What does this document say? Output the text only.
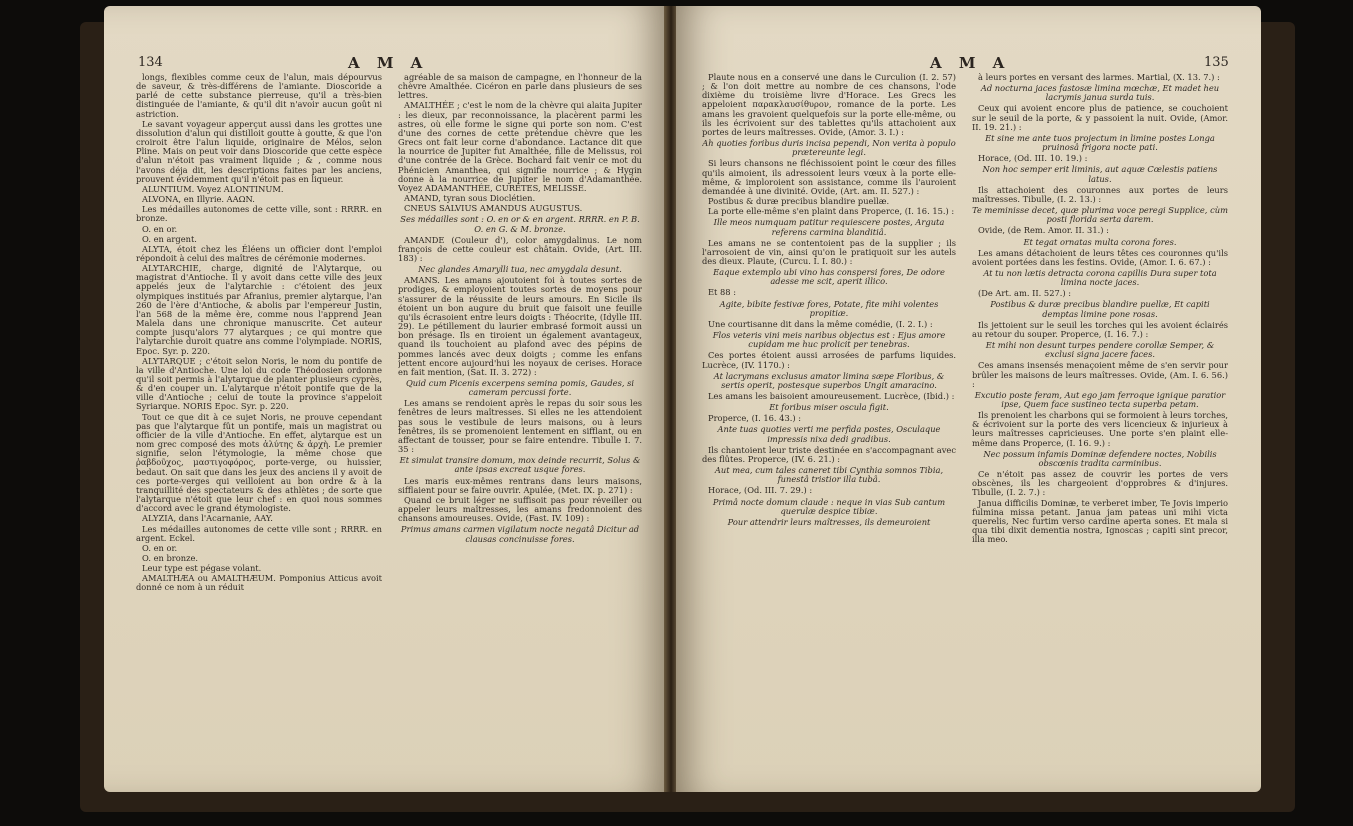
134	A M A

longs, flexibles comme ceux de l'alun, mais dépourvus de saveur, & très-différens de l'amiante. Dioscoride a parlé de cette substance pierreuse, qu'il a très-bien distinguée de l'amiante, & qu'il dit n'avoir aucun goût ni astriction.

Le savant voyageur apperçut aussi dans les grottes une dissolution d'alun qui distilloit goutte à goutte, & que l'on croiroit être l'alun liquide, originaire de Mélos, selon Pline. Mais on peut voir dans Dioscoride que cette espèce d'alun n'étoit pas vraiment liquide ; & , comme nous l'avons déja dit, les descriptions faites par les anciens, prouvent évidemment qu'il n'étoit pas en liqueur.

ALUNTIUM. Voyez ALONTINUM.

ALVONA, en Illyrie. AAΩN.

Les médailles autonomes de cette ville, sont : RRRR. en bronze.

O. en or.

O. en argent.

ALYTA, étoit chez les Éléens un officier dont l'emploi répondoit à celui des maîtres de cérémonie modernes.

ALYTARCHIE, charge, dignité de l'Alytarque, ou magistrat d'Antioche. Il y avoit dans cette ville des jeux appelés jeux de l'alytarchie : c'étoient des jeux olympiques institués par Afranius, premier alytarque, l'an 260 de l'ère d'Antioche, & abolis par l'empereur Justin, l'an 568 de la même ère, comme nous l'apprend Jean Malela dans une chronique manuscrite. Cet auteur compte jusqu'alors 77 alytarques ; ce qui montre que l'alytarchie duroit quatre ans comme l'olympiade. NORIS, Epoc. Syr. p. 220.

ALYTARQUE ; c'étoit selon Noris, le nom du pontife de la ville d'Antioche. Une loi du code Théodosien ordonne qu'il soit permis à l'alytarque de planter plusieurs cyprès, & d'en couper un. L'alytarque n'étoit pontife que de la ville d'Antioche ; celui de toute la province s'appeloit Syriarque. NORIS Epoc. Syr. p. 220.

Tout ce que dit à ce sujet Noris, ne prouve cependant pas que l'alytarque fût un pontife, mais un magistrat ou officier de la ville d'Antioche. En effet, alytarque est un nom grec composé des mots ἀλύτης & ἀρχὴ. Le premier signifie, selon l'étymologie, la même chose que ῥαβδοῦχος, μαστιγοφόρος, porte-verge, ou huissier, bedaut. On sait que dans les jeux des anciens il y avoit de ces porte-verges qui veilloient au bon ordre & à la tranquillité des spectateurs & des athlètes ; de sorte que l'alytarque n'étoit que leur chef : en quoi nous sommes d'accord avec le grand étymologiste.

ALYZIA, dans l'Acarnanie, AAY.

Les médailles autonomes de cette ville sont ; RRRR. en argent. Eckel.

O. en or.

O. en bronze.

Leur type est pégase volant.

AMALTHÆA ou AMALTHÆUM. Pomponius Atticus avoit donné ce nom à un réduit

agréable de sa maison de campagne, en l'honneur de la chèvre Amalthée. Cicéron en parle dans plusieurs de ses lettres.

AMALTHÉE ; c'est le nom de la chèvre qui alaita Jupiter : les dieux, par reconnoissance, la placèrent parmi les astres, où elle forme le signe qui porte son nom. C'est d'une des cornes de cette prétendue chèvre que les Grecs ont fait leur corne d'abondance. Lactance dit que la nourrice de Jupiter fut Amalthée, fille de Melissus, roi d'une contrée de la Grèce. Bochard fait venir ce mot du Phénicien Amanthea, qui signifie nourrice ; & Hygin donne à la nourrice de Jupiter le nom d'Adamanthée. Voyez ADAMANTHÉE, CURÈTES, MELISSE.

AMAND, tyran sous Dioclétien.

CNEUS SALVIUS AMANDUS AUGUSTUS.

Ses médailles sont : O. en or & en argent. RRRR. en P. B. O. en G. & M. bronze.

AMANDE (Couleur d'), color amygdalinus. Le nom françois de cette couleur est châtain. Ovide, (Art. III. 183) :

Nec glandes Amarylli tua, nec amygdala desunt.

AMANS. Les amans ajoutoient foi à toutes sortes de prodiges, & employoient toutes sortes de moyens pour s'assurer de la réussite de leurs amours. En Sicile ils étoient un bon augure du bruit que faisoit une feuille qu'ils écrasoient entre leurs doigts : Théocrite, (Idylle III. 29). Le pétillement du laurier embrasé formoit aussi un bon présage. Ils en tiroient un également avantageux, quand ils touchoient au plafond avec des pépins de pommes lancés avec deux doigts ; comme les enfans jettent encore aujourd'hui les noyaux de cerises. Horace en fait mention, (Sat. II. 3. 272) :

Quid cum Picenis excerpens semina pomis, Gaudes, si cameram percussi forte.

Les amans se rendoient après le repas du soir sous les fenêtres de leurs maîtresses. Si elles ne les attendoient pas sous le vestibule de leurs maisons, ou à leurs fenêtres, ils se promenoient lentement en sifflant, ou en affectant de tousser, pour se faire entendre. Tibulle I. 7. 35 :

Et simulat transire domum, mox deinde recurrit, Solus & ante ipsas excreat usque fores.

Les maris eux-mêmes rentrans dans leurs maisons, sifflaient pour se faire ouvrir. Apulée, (Met. IX. p. 271) :

Quand ce bruit léger ne suffisoit pas pour réveiller ou appeler leurs maîtresses, les amans fredonnoient des chansons amoureuses. Ovide, (Fast. IV. 109) :

Primus amans carmen vigilatum nocte negatâ Dicitur ad clausas concinuisse fores.

A M A	135

Plaute nous en a conservé une dans le Curculion (I. 2. 57) ; & l'on doit mettre au nombre de ces chansons, l'ode dixième du troisième livre d'Horace. Les Grecs les appeloient παρακλαυσίθυρον, romance de la porte. Les amans les gravoient quelquefois sur la porte elle-même, ou ils les écrivoient sur des tablettes qu'ils attachoient aux portes de leurs maîtresses. Ovide, (Amor. 3. I.) :

Ah quoties foribus duris incisa pependi, Non verita à populo prætereunte legi.

Si leurs chansons ne fléchissoient point le cœur des filles qu'ils aimoient, ils adressoient leurs vœux à la porte elle-même, & imploroient son assistance, comme ils l'auroient demandée à une divinité. Ovide, (Art. am. II. 527.) :

Postibus & duræ precibus blandire puellæ.

La porte elle-même s'en plaint dans Properce, (I. 16. 15.) :

Ille meos numquam patitur requiescere postes, Arguta referens carmina blanditiâ.

Les amans ne se contentoient pas de la supplier ; ils l'arrosoient de vin, ainsi qu'on le pratiquoit sur les autels des dieux. Plaute, (Curcu. I. I. 80.) :

Eaque extemplo ubi vino has conspersi fores, De odore adesse me scit, aperit illico.

Et 88 :

Agite, bibite festivæ fores, Potate, fite mihi volentes propitiæ.

Une courtisanne dit dans la même comédie, (I. 2. I.) :

Flos veteris vini meis naribus objectus est : Ejus amore cupidam me huc prolicit per tenebras.

Ces portes étoient aussi arrosées de parfums liquides. Lucrèce, (IV. 1170.) :

At lacrymans exclusus amator limina sæpe Floribus, & sertis operit, postesque superbos Ungit amaracino.

Les amans les baisoient amoureusement. Lucrèce, (Ibid.) :

Et foribus miser oscula figit.

Properce, (I. 16. 43.) :

Ante tuas quoties verti me perfida postes, Osculaque impressis nixa dedi gradibus.

Ils chantoient leur triste destinée en s'accompagnant avec des flûtes. Properce, (IV. 6. 21.) :

Aut mea, cum tales caneret tibi Cynthia somnos Tibia, funestâ tristior illa tubâ.

Horace, (Od. III. 7. 29.) :

Primâ nocte domum claude : neque in vias Sub cantum querulæ despice tibiæ.

Pour attendrir leurs maîtresses, ils demeuroient

à leurs portes en versant des larmes. Martial, (X. 13. 7.) :

Ad nocturna jaces fastosæ limina mœchæ, Et madet heu lacrymis janua surda tuis.

Ceux qui avoient encore plus de patience, se couchoient sur le seuil de la porte, & y passoient la nuit. Ovide, (Amor. II. 19. 21.) :

Et sine me ante tuos projectum in limine postes Longa pruinosâ frigora nocte pati.

Horace, (Od. III. 10. 19.) :

Non hoc semper erit liminis, aut aquæ Cœlestis patiens latus.

Ils attachoient des couronnes aux portes de leurs maîtresses. Tibulle, (I. 2. 13.) :

Te meminisse decet, quæ plurima voce peregi Supplice, cùm posti florida serta darem.

Ovide, (de Rem. Amor. II. 31.) :

Et tegat ornatas multa corona fores.

Les amans détachoient de leurs têtes ces couronnes qu'ils avoient portées dans les festins. Ovide, (Amor. I. 6. 67.) :

At tu non lætis detracta corona capillis Dura super tota limina nocte jaces.

(De Art. am. II. 527.) :

Postibus & duræ precibus blandire puellæ, Et capiti demptas limine pone rosas.

Ils jettoient sur le seuil les torches qui les avoient éclairés au retour du souper. Properce, (I. 16. 7.) :

Et mihi non desunt turpes pendere corollæ Semper, & exclusi signa jacere faces.

Ces amans insensés menaçoient même de s'en servir pour brûler les maisons de leurs maîtresses. Ovide, (Am. I. 6. 56.) :

Excutio poste feram, Aut ego jam ferroque ignique paratior ipse, Quem face sustineo tecta superba petam.

Ils prenoient les charbons qui se formoient à leurs torches, & écrivoient sur la porte des vers licencieux & injurieux à leurs maîtresses capricieuses. Une porte s'en plaint elle-même dans Properce, (I. 16. 9.) :

Nec possum infamis Dominæ defendere noctes, Nobilis obscœnis tradita carminibus.

Ce n'étoit pas assez de couvrir les portes de vers obscènes, ils les chargeoient d'opprobres & d'injures. Tibulle, (I. 2. 7.) :

Janua difficilis Dominæ, te verberet imber, Te Jovis imperio fulmina missa petant. Janua jam pateas uni mihi victa querelis, Nec furtim verso cardine aperta sones. Et mala si qua tibi dixit dementia nostra, Ignoscas ; capiti sint precor, illa meo.
